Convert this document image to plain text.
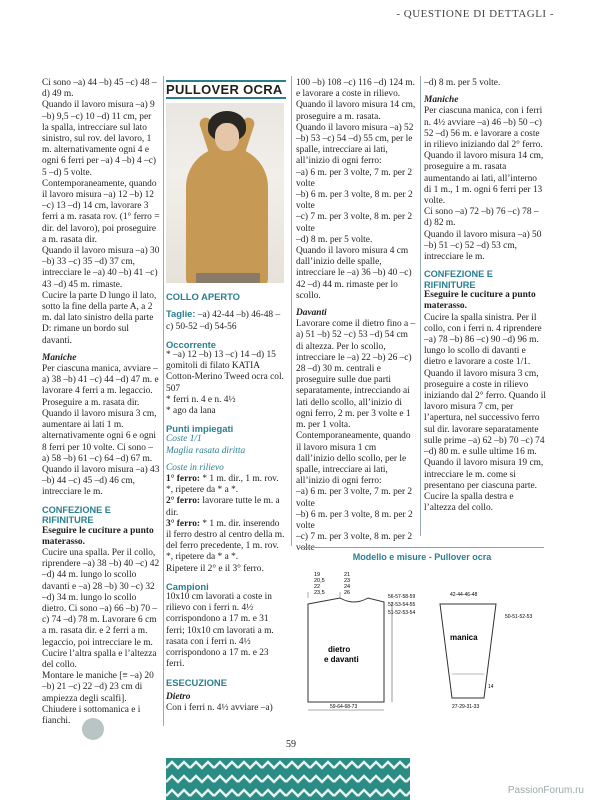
- QUESTIONE DI DETTAGLI -

Ci sono –a) 44 –b) 45 –c) 48 –d) 49 m.

Quando il lavoro misura –a) 9 –b) 9,5 –c) 10 –d) 11 cm, per la spalla, intrecciare sul lato sinistro, sul rov. del lavoro, 1 m. alternativamente ogni 4 e ogni 6 ferri per –a) 4 –b) 4 –c) 5 –d) 5 volte. Contemporaneamente, quando il lavoro misura –a) 12 –b) 12 –c) 13 –d) 14 cm, lavorare 3 ferri a m. rasata rov. (1° ferro = dir. del lavoro), poi proseguire a m. rasata dir.

Quando il lavoro misura –a) 30 –b) 33 –c) 35 –d) 37 cm, intrecciare le –a) 40 –b) 41 –c) 43 –d) 45 m. rimaste.

Cucire la parte D lungo il lato, sotto la fine della parte A, a 2 m. dal lato sinistro della parte D: rimane un bordo sul davanti.

Maniche

Per ciascuna manica, avviare –a) 38 –b) 41 –c) 44 –d) 47 m. e lavorare 4 ferri a m. legaccio. Proseguire a m. rasata dir.

Quando il lavoro misura 3 cm, aumentare ai lati 1 m. alternativamente ogni 6 e ogni 8 ferri per 10 volte. Ci sono –a) 58 –b) 61 –c) 64 –d) 67 m.

Quando il lavoro misura –a) 43 –b) 44 –c) 45 –d) 46 cm, intrecciare le m.

CONFEZIONE E RIFINITURE

Eseguire le cuciture a punto materasso.

Cucire una spalla. Per il collo, riprendere –a) 38 –b) 40 –c) 42 –d) 44 m. lungo lo scollo davanti e –a) 28 –b) 30 –c) 32 –d) 34 m. lungo lo scollo dietro. Ci sono –a) 66 –b) 70 –c) 74 –d) 78 m. Lavorare 6 cm a m. rasata dir. e 2 ferri a m. legaccio, poi intrecciare le m.

Cucire l’altra spalla e l’altezza del collo.

Montare le maniche [≡ –a) 20 –b) 21 –c) 22 –d) 23 cm di ampiezza degli scalfi]. Chiudere i sottomanica e i fianchi.

PULLOVER OCRA

COLLO APERTO

Taglie: –a) 42-44 –b) 46-48 –c) 50-52 –d) 54-56

Occorrente

* –a) 12 –b) 13 –c) 14 –d) 15 gomitoli di filato KATIA Cotton-Merino Tweed ocra col. 507

* ferri n. 4 e n. 4½

* ago da lana

Punti impiegati

Coste 1/1

Maglia rasata diritta

Coste in rilievo

1° ferro: * 1 m. dir., 1 m. rov. *, ripetere da * a *.

2° ferro: lavorare tutte le m. a dir.

3° ferro: * 1 m. dir. inserendo il ferro destro al centro della m. del ferro precedente, 1 m. rov. *, ripetere da * a *.

Ripetere il 2° e il 3° ferro.

Campioni

10x10 cm lavorati a coste in rilievo con i ferri n. 4½ corrispondono a 17 m. e 31 ferri; 10x10 cm lavorati a m. rasata con i ferri n. 4½ corrispondono a 17 m. e 23 ferri.

ESECUZIONE

Dietro

Con i ferri n. 4½ avviare –a)

100 –b) 108 –c) 116 –d) 124 m. e lavorare a coste in rilievo.

Quando il lavoro misura 14 cm, proseguire a m. rasata.

Quando il lavoro misura –a) 52 –b) 53 –c) 54 –d) 55 cm, per le spalle, intrecciare ai lati, all’inizio di ogni ferro:

–a) 6 m. per 3 volte, 7 m. per 2 volte

–b) 6 m. per 3 volte, 8 m. per 2 volte

–c) 7 m. per 3 volte, 8 m. per 2 volte

–d) 8 m. per 5 volte.

Quando il lavoro misura 4 cm dall’inizio delle spalle, intrecciare le –a) 36 –b) 40 –c) 42 –d) 44 m. rimaste per lo scollo.

Davanti

Lavorare come il dietro fino a –a) 51 –b) 52 –c) 53 –d) 54 cm di altezza. Per lo scollo, intrecciare le –a) 22 –b) 26 –c) 28 –d) 30 m. centrali e proseguire sulle due parti separatamente, intrecciando ai lati dello scollo, all’inizio di ogni ferro, 2 m. per 3 volte e 1 m. per 1 volta.

Contemporaneamente, quando il lavoro misura 1 cm dall’inizio dello scollo, per le spalle, intrecciare ai lati, all’inizio di ogni ferro:

–a) 6 m. per 3 volte, 7 m. per 2 volte

–b) 6 m. per 3 volte, 8 m. per 2 volte

–c) 7 m. per 3 volte, 8 m. per 2 volte

–d) 8 m. per 5 volte.

Maniche

Per ciascuna manica, con i ferri n. 4½ avviare –a) 46 –b) 50 –c) 52 –d) 56 m. e lavorare a coste in rilievo iniziando dal 2° ferro.

Quando il lavoro misura 14 cm, proseguire a m. rasata aumentando ai lati, all’interno di 1 m., 1 m. ogni 6 ferri per 13 volte.

Ci sono –a) 72 –b) 76 –c) 78 –d) 82 m.

Quando il lavoro misura –a) 50 –b) 51 –c) 52 –d) 53 cm, intrecciare le m.

CONFEZIONE E RIFINITURE

Eseguire le cuciture a punto materasso.

Cucire la spalla sinistra. Per il collo, con i ferri n. 4 riprendere –a) 78 –b) 86 –c) 90 –d) 96 m. lungo lo scollo di davanti e dietro e lavorare a coste 1/1.

Quando il lavoro misura 3 cm, proseguire a coste in rilievo iniziando dal 2° ferro. Quando il lavoro misura 7 cm, per l’apertura, nel successivo ferro sul dir. lavorare separatamente sulle prime –a) 62 –b) 70 –c) 74 –d) 80 m. e sulle ultime 16 m. Quando il lavoro misura 19 cm, intrecciare le m. come si presentano per ciascuna parte.

Cucire la spalla destra e l’altezza del collo.

Modello e misure - Pullover ocra
19
20,5
22
23,5
21
23
24
26
56-57-58-59
52-53-54-55
51-52-53-54
dietro
e davanti
59-64-68-73
42-44-46-48
50-51-52-53
14
manica
27-29-31-33
59
PassionForum.ru
